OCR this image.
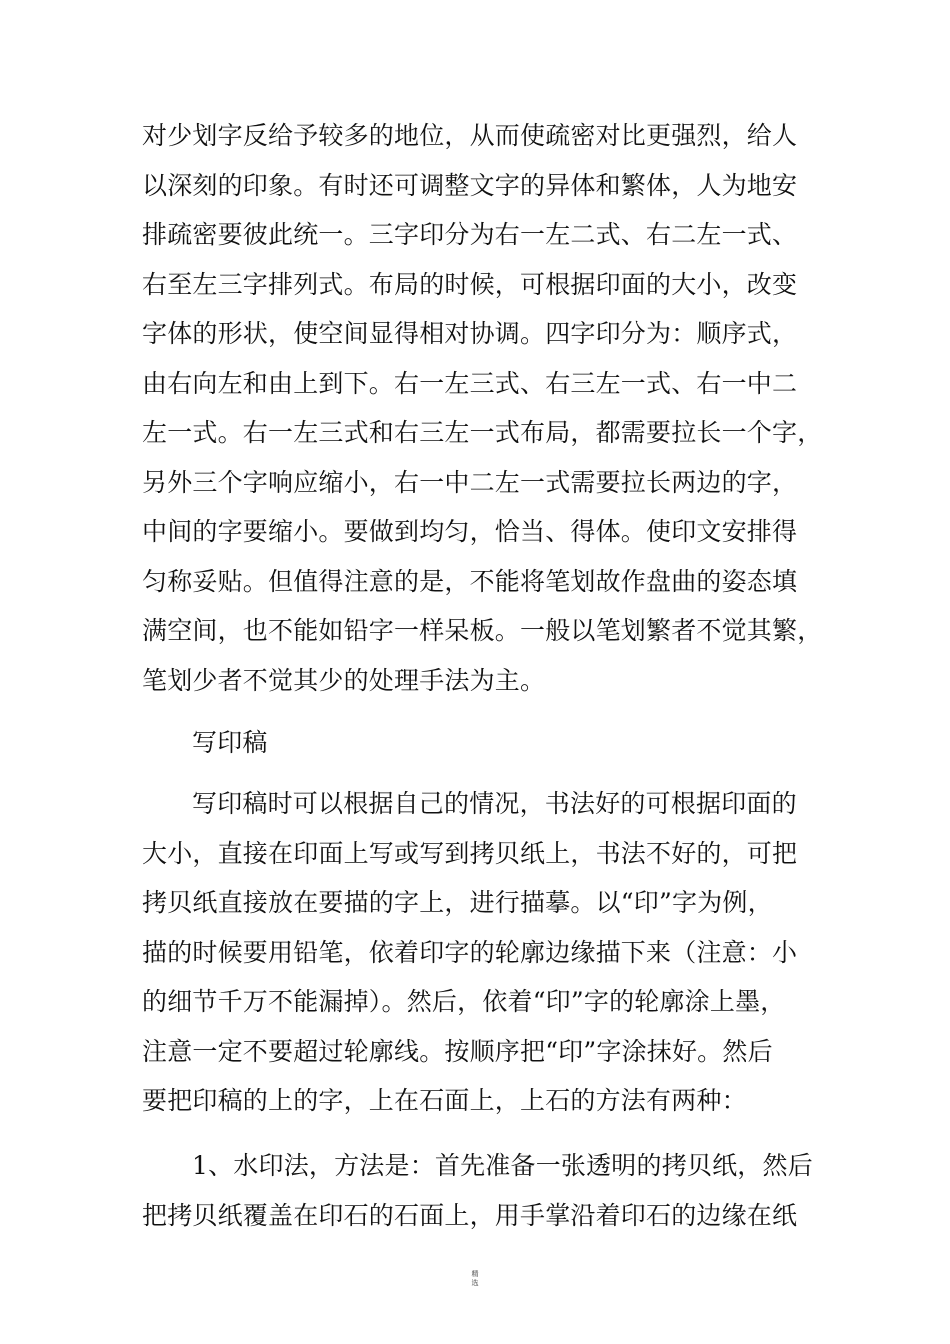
对少划字反给予较多的地位，从而使疏密对比更强烈，给人
以深刻的印象。有时还可调整文字的异体和繁体，人为地安
排疏密要彼此统一。三字印分为右一左二式、右二左一式、
右至左三字排列式。布局的时候，可根据印面的大小，改变
字体的形状，使空间显得相对协调。四字印分为：顺序式，
由右向左和由上到下。右一左三式、右三左一式、右一中二
左一式。右一左三式和右三左一式布局，都需要拉长一个字，
另外三个字响应缩小，右一中二左一式需要拉长两边的字，
中间的字要缩小。要做到均匀，恰当、得体。使印文安排得
匀称妥贴。但值得注意的是，不能将笔划故作盘曲的姿态填
满空间，也不能如铅字一样呆板。一般以笔划繁者不觉其繁，
笔划少者不觉其少的处理手法为主。
写印稿
写印稿时可以根据自己的情况，书法好的可根据印面的
大小，直接在印面上写或写到拷贝纸上，书法不好的，可把
拷贝纸直接放在要描的字上，进行描摹。以“印”字为例，
描的时候要用铅笔，依着印字的轮廓边缘描下来（注意：小
的细节千万不能漏掉）。然后，依着“印”字的轮廓涂上墨，
注意一定不要超过轮廓线。按顺序把“印”字涂抹好。然后
要把印稿的上的字，上在石面上，上石的方法有两种：
1、水印法，方法是：首先准备一张透明的拷贝纸，然后
把拷贝纸覆盖在印石的石面上，用手掌沿着印石的边缘在纸
精
选
